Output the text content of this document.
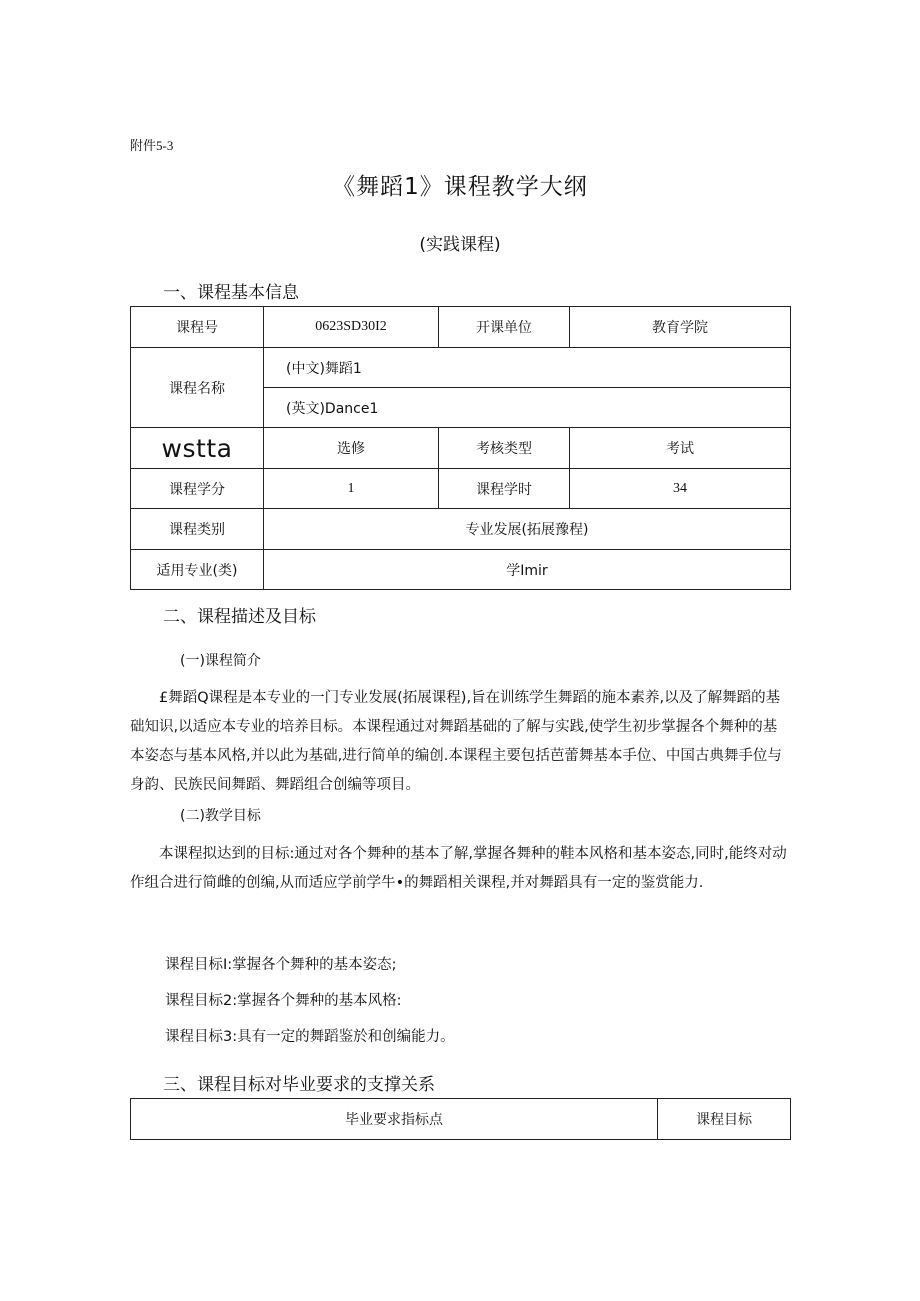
附件5-3
《舞蹈1》课程教学大纲
(实践课程)
一、课程基本信息
课程号	0623SD30I2	开课单位	教育学院
课程名称	(中文)舞蹈1		
	(英文)Dance1		
wstta	选修	考核类型	考试
课程学分	1	课程学时	34
课程类别	专业发展(拓展豫程)		
适用专业(类)	学Imir		
二、课程描述及目标
(一)课程简介

£舞蹈Q课程是本专业的一门专业发展(拓展课程),旨在训练学生舞蹈的施本素养,以及了解舞蹈的基础知识,以适应本专业的培养目标。本课程通过对舞蹈基础的了解与实践,使学生初步掌握各个舞种的基本姿态与基本风格,并以此为基础,进行简单的编创.本课程主要包括芭蕾舞基本手位、中国古典舞手位与身韵、民族民间舞蹈、舞蹈组合创编等项目。

(二)教学目标

本课程拟达到的目标:通过对各个舞种的基本了解,掌握各舞种的鞋本风格和基本姿态,同时,能终对动作组合进行简雌的创编,从而适应学前学牛•的舞蹈相关课程,并对舞蹈具有一定的鉴赏能力.

课程目标I:掌握各个舞种的基本姿态;
课程目标2:掌握各个舞种的基本风格:
课程目标3:具有一定的舞蹈鉴於和创编能力。
三、课程目标对毕业要求的支撑关系
毕业要求指标点	课程目标
